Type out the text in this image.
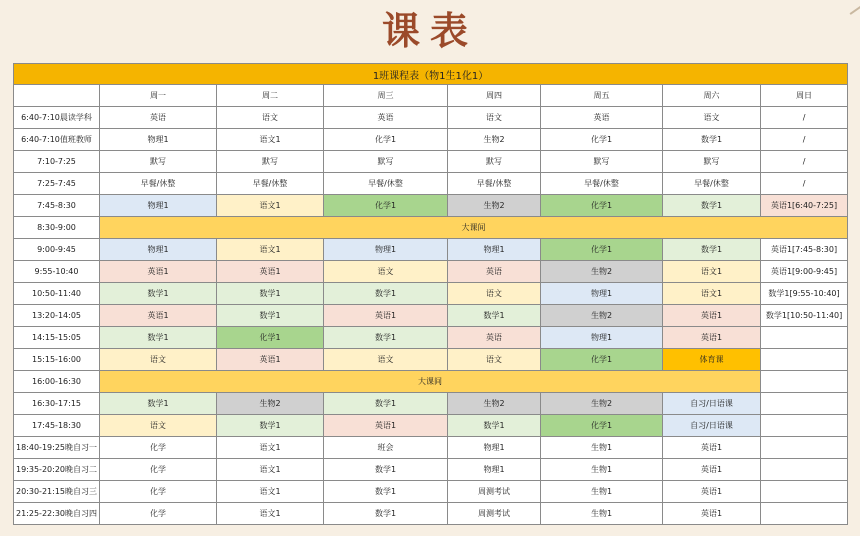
课表
1班课程表（物1生1化1）							
	周一	周二	周三	周四	周五	周六	周日
6:40-7:10晨读学科	英语	语文	英语	语文	英语	语文	/
6:40-7:10值班教师	物理1	语文1	化学1	生物2	化学1	数学1	/
7:10-7:25	默写	默写	默写	默写	默写	默写	/
7:25-7:45	早餐/休整	早餐/休整	早餐/休整	早餐/休整	早餐/休整	早餐/休整	/
7:45-8:30	物理1	语文1	化学1	生物2	化学1	数学1	英语1[6:40-7:25]
8:30-9:00	大课间						
9:00-9:45	物理1	语文1	物理1	物理1	化学1	数学1	英语1[7:45-8:30]
9:55-10:40	英语1	英语1	语文	英语	生物2	语文1	英语1[9:00-9:45]
10:50-11:40	数学1	数学1	数学1	语文	物理1	语文1	数学1[9:55-10:40]
13:20-14:05	英语1	数学1	英语1	数学1	生物2	英语1	数学1[10:50-11:40]
14:15-15:05	数学1	化学1	数学1	英语	物理1	英语1	
15:15-16:00	语文	英语1	语文	语文	化学1	体育课	
16:00-16:30	大课间						
16:30-17:15	数学1	生物2	数学1	生物2	生物2	自习/日语课	
17:45-18:30	语文	数学1	英语1	数学1	化学1	自习/日语课	
18:40-19:25晚自习一	化学	语文1	班会	物理1	生物1	英语1	
19:35-20:20晚自习二	化学	语文1	数学1	物理1	生物1	英语1	
20:30-21:15晚自习三	化学	语文1	数学1	周测考试	生物1	英语1	
21:25-22:30晚自习四	化学	语文1	数学1	周测考试	生物1	英语1	
